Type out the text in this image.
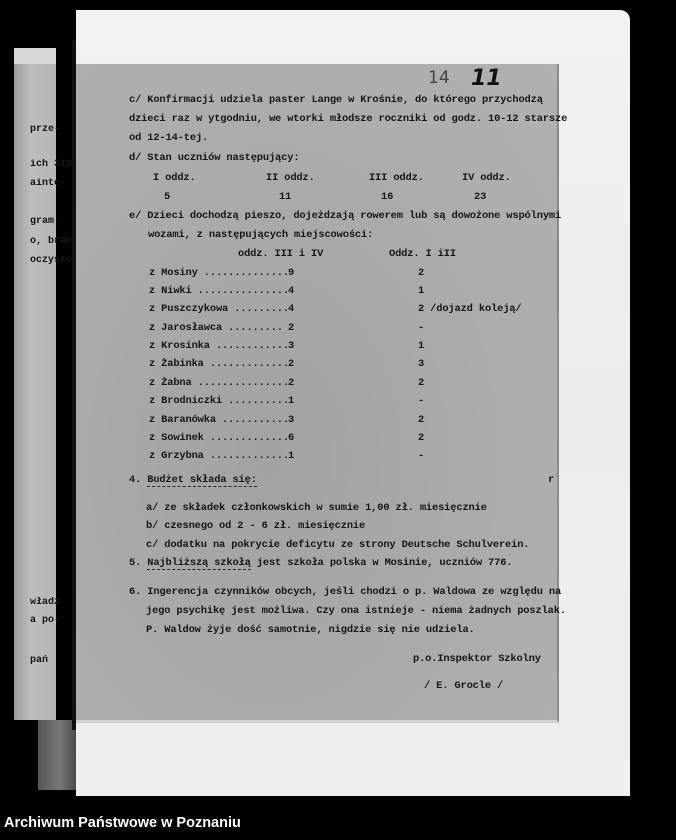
prze-
ich 310
ainte-
gram.
o, brak
oczysto
władz
a po-
pań
14 11
c/ Konfirmacji udziela paster Lange w Krośnie, do którego przychodzą
dzieci raz w ytgodniu, we wtorki młodsze roczniki od godz. 10-12 starsze
od 12-14-tej.
d/ Stan uczniów następujący:
I oddz.	II oddz.	III oddz.	IV oddz.
5	11	16	23
e/ Dzieci dochodzą pieszo, dojeżdzają rowerem lub są dowożone wspólnymi
wozami, z następujących miejscowości:
oddz. III i IV	Oddz. I iII
z Mosiny .............. 9	2
z Niwki ............... 4	1
z Puszczykowa ......... 4	2 /dojazd koleją/
z Jarosławca ......... 2	-
z Krosinka ............ 3	1
z Żabinka ............. 2	3
z Żabna ............... 2	2
z Brodniczki .......... 1	-
z Baranówka ........... 3	2
z Sowinek ............. 6	2
z Grzybna ............. 1	-
4. Budżet składa się:	r
a/ ze składek członkowskich w sumie 1,00 zł. miesięcznie
b/ czesnego od 2 - 6 zł. miesięcznie
c/ dodatku na pokrycie deficytu ze strony Deutsche Schulverein.
5. Najbliższą szkołą jest szkoła polska w Mosinie, uczniów 776.
6. Ingerencja czynników obcych, jeśli chodzi o p. Waldowa ze względu na
jego psychikę jest możliwa. Czy ona istnieje - niema żadnych poszlak.
P. Waldow żyje dość samotnie, nigdzie się nie udziela.
p.o.Inspektor Szkolny
/ E. Grocle /
Archiwum Państwowe w Poznaniu
